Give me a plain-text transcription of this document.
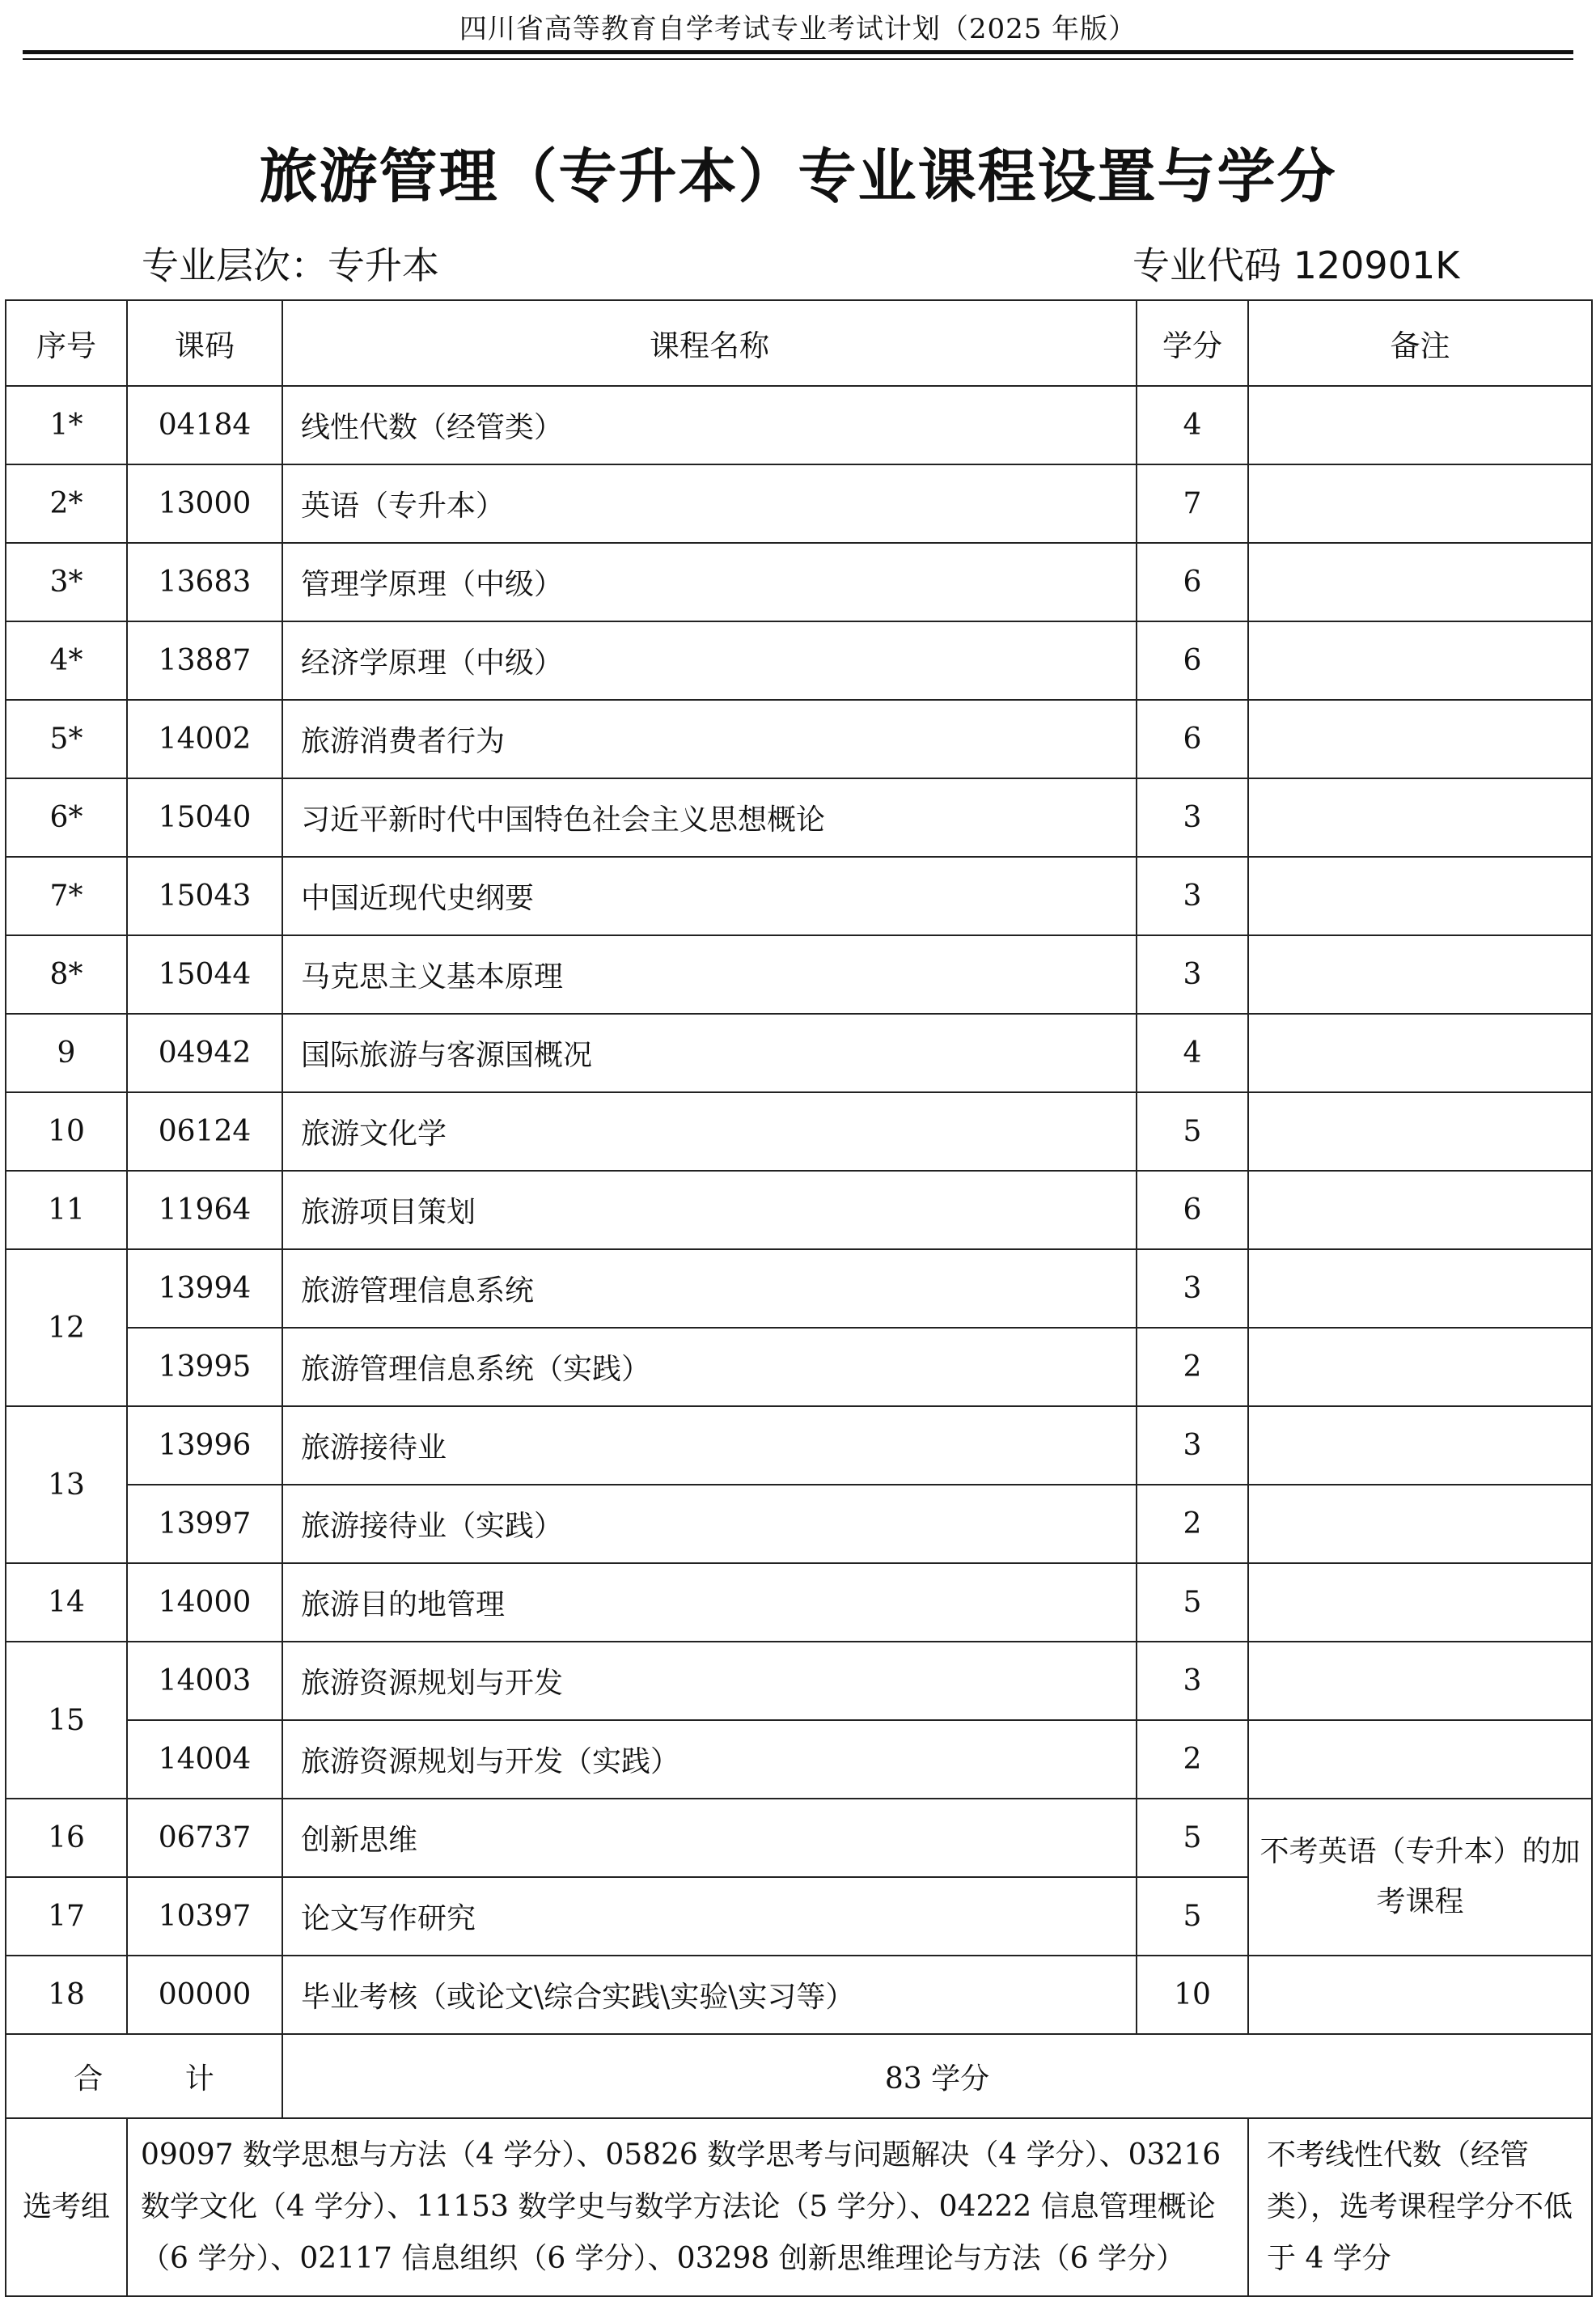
四川省高等教育自学考试专业考试计划（2025 年版）
旅游管理（专升本）专业课程设置与学分
专业层次：专升本	专业代码 120901K
序号	课码	课程名称	学分	备注
1*	04184	线性代数（经管类）	4	
2*	13000	英语（专升本）	7	
3*	13683	管理学原理（中级）	6	
4*	13887	经济学原理（中级）	6	
5*	14002	旅游消费者行为	6	
6*	15040	习近平新时代中国特色社会主义思想概论	3	
7*	15043	中国近现代史纲要	3	
8*	15044	马克思主义基本原理	3	
9	04942	国际旅游与客源国概况	4	
10	06124	旅游文化学	5	
11	11964	旅游项目策划	6	
12	13994	旅游管理信息系统	3	
	13995	旅游管理信息系统（实践）	2	
13	13996	旅游接待业	3	
	13997	旅游接待业（实践）	2	
14	14000	旅游目的地管理	5	
15	14003	旅游资源规划与开发	3	
	14004	旅游资源规划与开发（实践）	2	
16	06737	创新思维	5	不考英语（专升本）的加考课程
17	10397	论文写作研究	5	
18	00000	毕业考核（或论文\综合实践\实验\实习等）	10	
合 计		83 学分		
选考组	09097 数学思想与方法（4 学分）、05826 数学思考与问题解决（4 学分）、03216 数学文化（4 学分）、11153 数学史与数学方法论（5 学分）、04222 信息管理概论（6 学分）、02117 信息组织（6 学分）、03298 创新思维理论与方法（6 学分）			不考线性代数（经管类），选考课程学分不低于 4 学分
